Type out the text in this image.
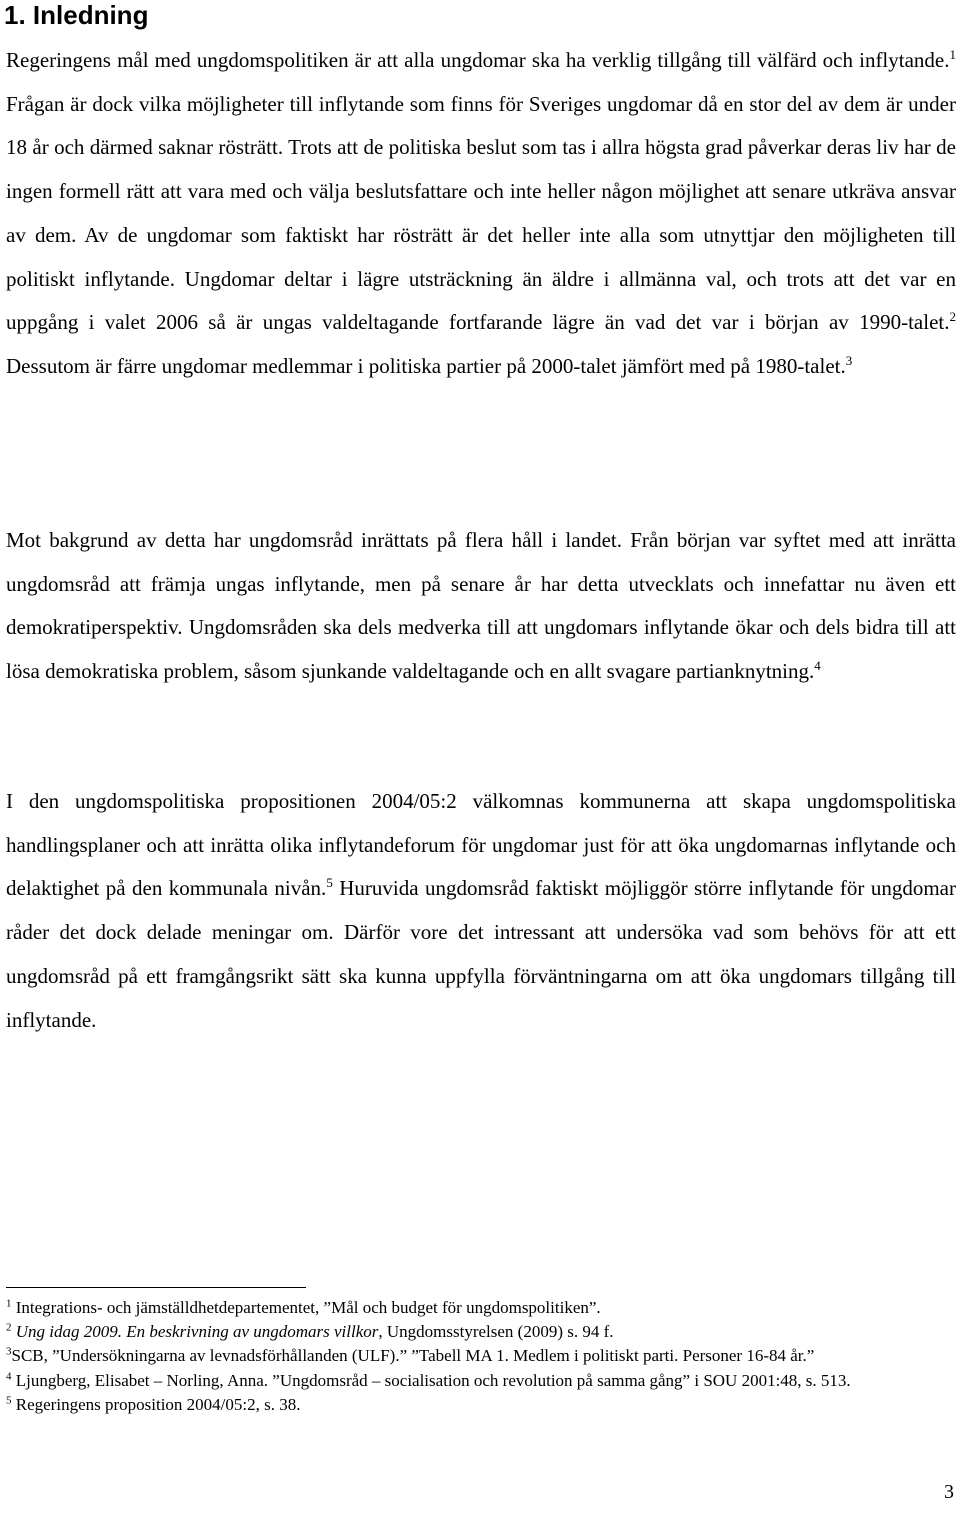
1. Inledning

Regeringens mål med ungdomspolitiken är att alla ungdomar ska ha verklig tillgång till välfärd och inflytande.$^1$ Frågan är dock vilka möjligheter till inflytande som finns för Sveriges ungdomar då en stor del av dem är under 18 år och därmed saknar rösträtt. Trots att de politiska beslut som tas i allra högsta grad påverkar deras liv har de ingen formell rätt att vara med och välja beslutsfattare och inte heller någon möjlighet att senare utkräva ansvar av dem. Av de ungdomar som faktiskt har rösträtt är det heller inte alla som utnyttjar den möjligheten till politiskt inflytande. Ungdomar deltar i lägre utsträckning än äldre i allmänna val, och trots att det var en uppgång i valet 2006 så är ungas valdeltagande fortfarande lägre än vad det var i början av 1990-talet.$^2$ Dessutom är färre ungdomar medlemmar i politiska partier på 2000-talet jämfört med på 1980-talet.$^3$

Mot bakgrund av detta har ungdomsråd inrättats på flera håll i landet. Från början var syftet med att inrätta ungdomsråd att främja ungas inflytande, men på senare år har detta utvecklats och innefattar nu även ett demokratiperspektiv. Ungdomsråden ska dels medverka till att ungdomars inflytande ökar och dels bidra till att lösa demokratiska problem, såsom sjunkande valdeltagande och en allt svagare partianknytning.$^4$

I den ungdomspolitiska propositionen 2004/05:2 välkomnas kommunerna att skapa ungdomspolitiska handlingsplaner och att inrätta olika inflytandeforum för ungdomar just för att öka ungdomarnas inflytande och delaktighet på den kommunala nivån.$^5$ Huruvida ungdomsråd faktiskt möjliggör större inflytande för ungdomar råder det dock delade meningar om. Därför vore det intressant att undersöka vad som behövs för att ett ungdomsråd på ett framgångsrikt sätt ska kunna uppfylla förväntningarna om att öka ungdomars tillgång till inflytande.

$^1$ Integrations- och jämställdhetdepartementet, ”Mål och budget för ungdomspolitiken”.

$^2$ Ung idag 2009. En beskrivning av ungdomars villkor, Ungdomsstyrelsen (2009) s. 94 f.

$^3$SCB, ”Undersökningarna av levnadsförhållanden (ULF).” ”Tabell MA 1. Medlem i politiskt parti. Personer 16-84 år.”

$^4$ Ljungberg, Elisabet – Norling, Anna. ”Ungdomsråd – socialisation och revolution på samma gång” i SOU 2001:48, s. 513.

$^5$ Regeringens proposition 2004/05:2, s. 38.

3
